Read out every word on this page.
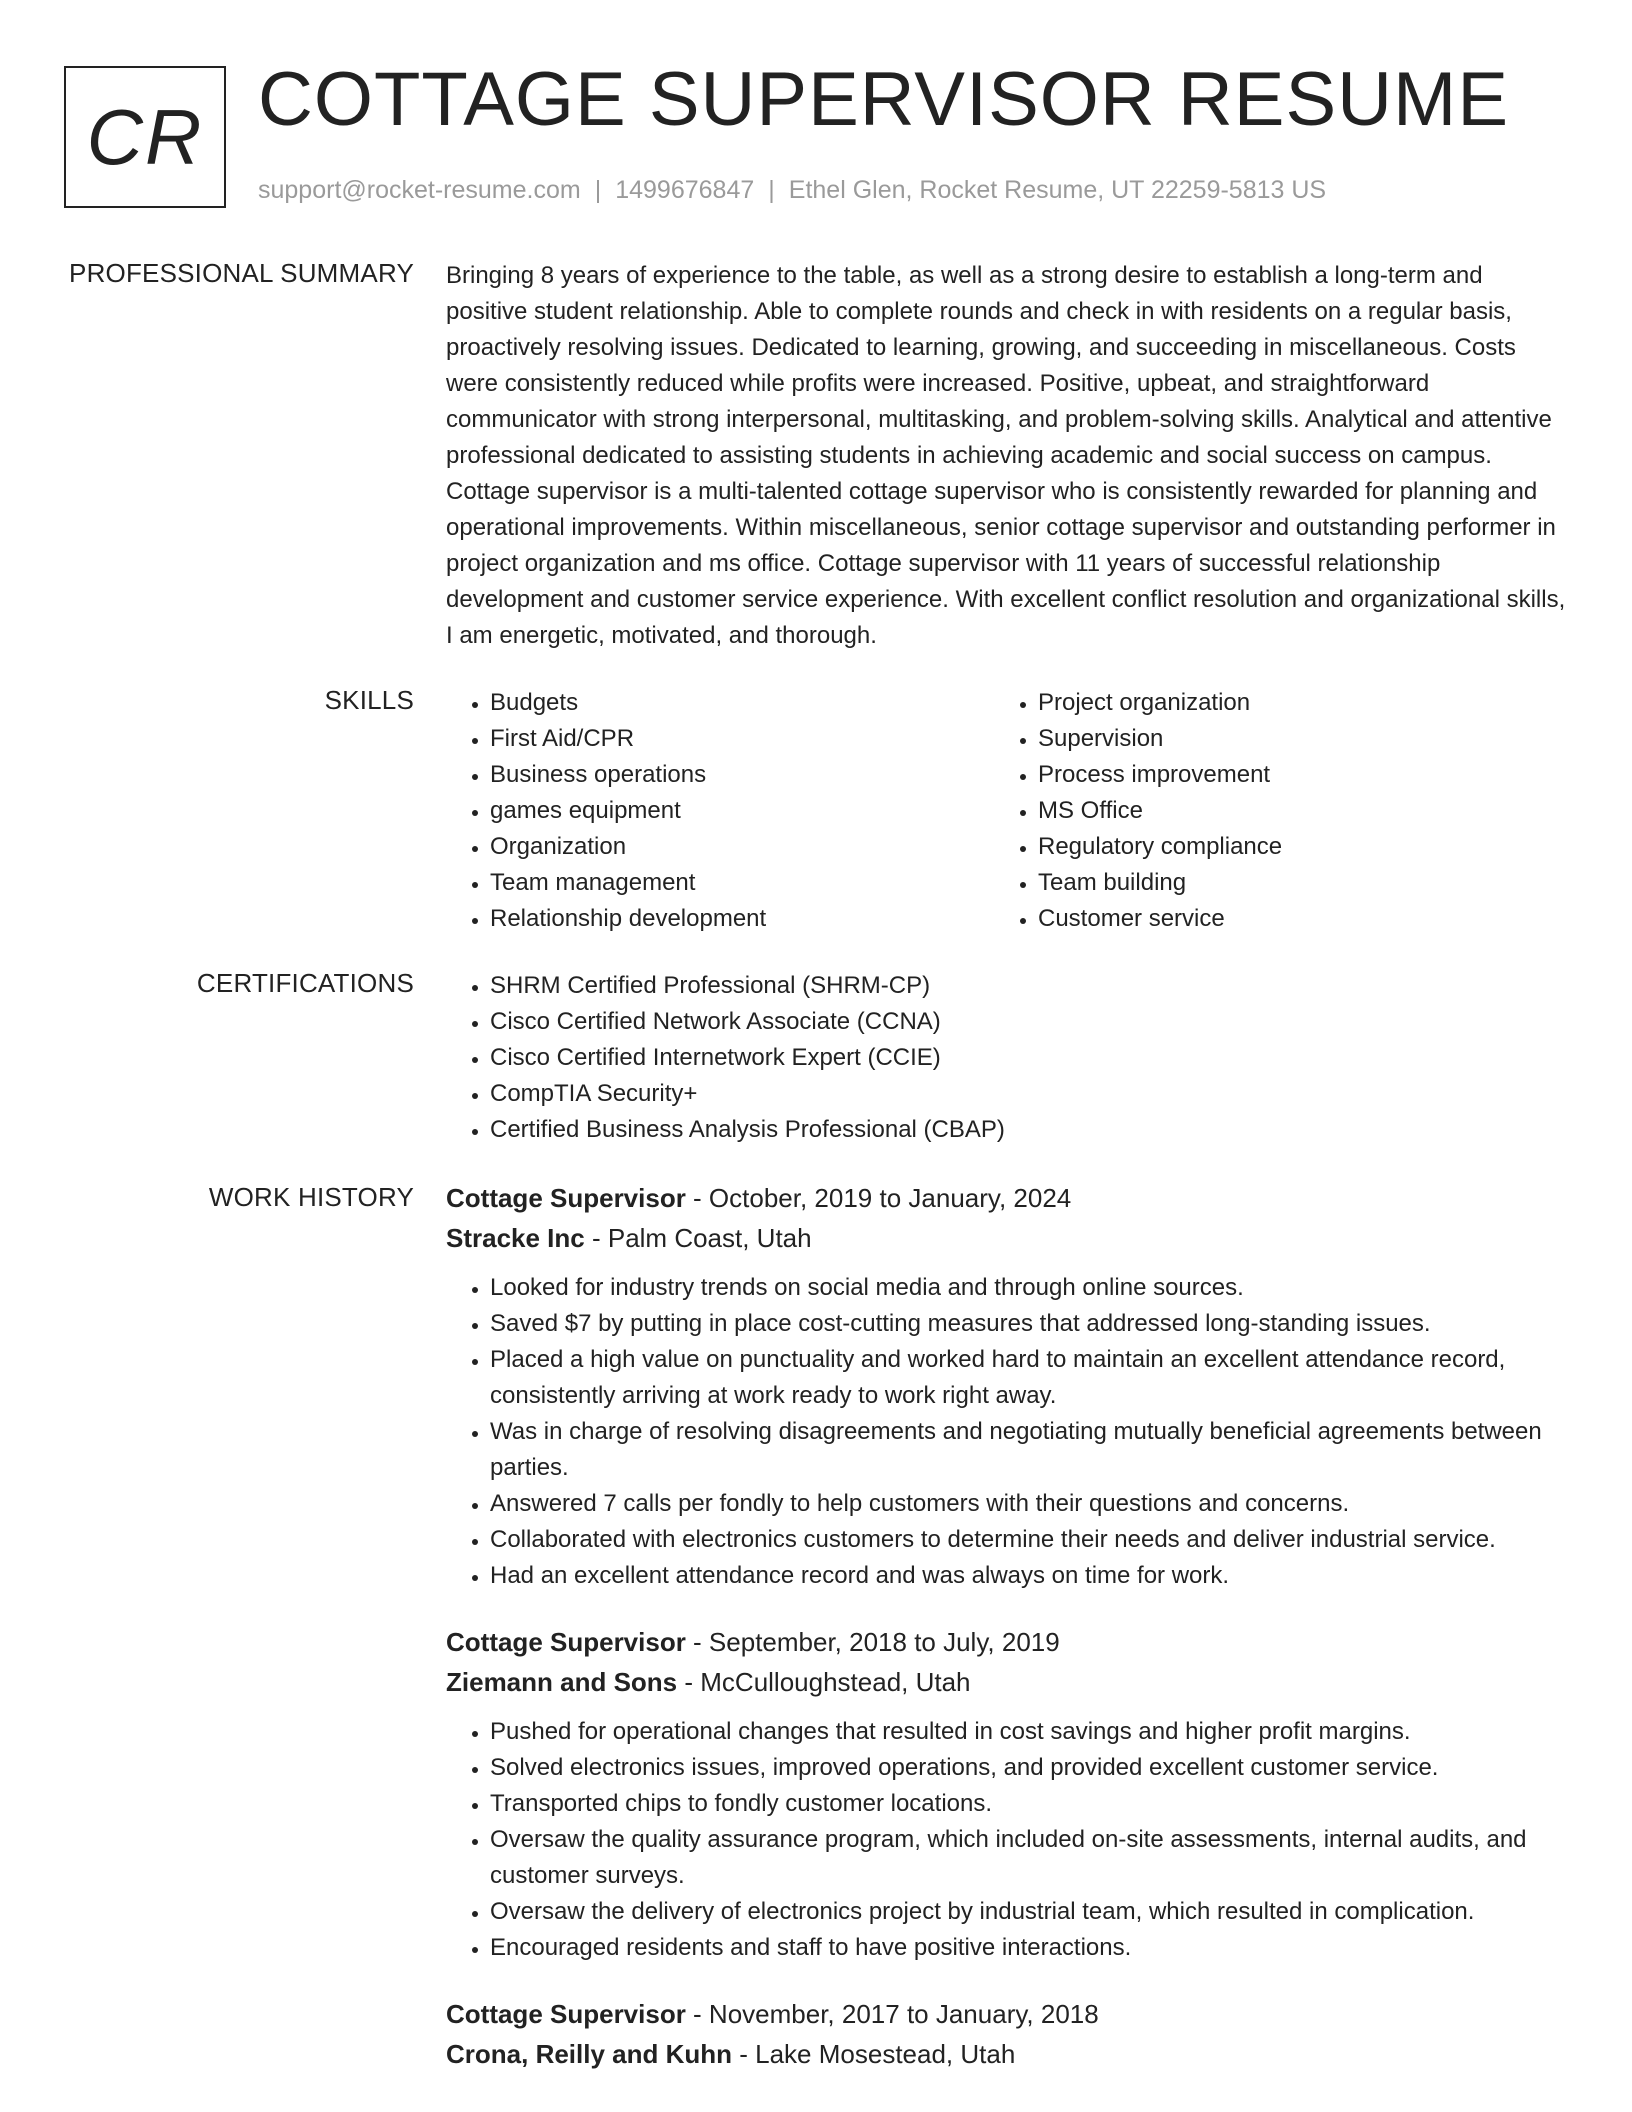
CR COTTAGE SUPERVISOR RESUME
support@rocket-resume.com | 1499676847 | Ethel Glen, Rocket Resume, UT 22259-5813 US
PROFESSIONAL SUMMARY Bringing 8 years of experience to the table, as well as a strong desire to establish a long-term and positive student relationship. Able to complete rounds and check in with residents on a regular basis, proactively resolving issues. Dedicated to learning, growing, and succeeding in miscellaneous. Costs were consistently reduced while profits were increased. Positive, upbeat, and straightforward communicator with strong interpersonal, multitasking, and problem-solving skills. Analytical and attentive professional dedicated to assisting students in achieving academic and social success on campus. Cottage supervisor is a multi-talented cottage supervisor who is consistently rewarded for planning and operational improvements. Within miscellaneous, senior cottage supervisor and outstanding performer in project organization and ms office. Cottage supervisor with 11 years of successful relationship development and customer service experience. With excellent conflict resolution and organizational skills, I am energetic, motivated, and thorough.

SKILLS	• Budgets
• First Aid/CPR
• Business operations
• games equipment
• Organization
• Team management
• Relationship development
• Project organization
• Supervision
• Process improvement
• MS Office
• Regulatory compliance
• Team building
• Customer service
CERTIFICATIONS	• SHRM Certified Professional (SHRM-CP)
• Cisco Certified Network Associate (CCNA)
• Cisco Certified Internetwork Expert (CCIE)
• CompTIA Security+
• Certified Business Analysis Professional (CBAP)
WORK HISTORY Cottage Supervisor - October, 2019 to January, 2024
Stracke Inc - Palm Coast, Utah
• Looked for industry trends on social media and through online sources.
• Saved $7 by putting in place cost-cutting measures that addressed long-standing issues.
• Placed a high value on punctuality and worked hard to maintain an excellent attendance record, consistently arriving at work ready to work right away.
• Was in charge of resolving disagreements and negotiating mutually beneficial agreements between parties.
• Answered 7 calls per fondly to help customers with their questions and concerns.
• Collaborated with electronics customers to determine their needs and deliver industrial service.
• Had an excellent attendance record and was always on time for work.
Cottage Supervisor - September, 2018 to July, 2019
Ziemann and Sons - McCulloughstead, Utah
• Pushed for operational changes that resulted in cost savings and higher profit margins.
• Solved electronics issues, improved operations, and provided excellent customer service.
• Transported chips to fondly customer locations.
• Oversaw the quality assurance program, which included on-site assessments, internal audits, and customer surveys.
• Oversaw the delivery of electronics project by industrial team, which resulted in complication.
• Encouraged residents and staff to have positive interactions.
Cottage Supervisor - November, 2017 to January, 2018
Crona, Reilly and Kuhn - Lake Mosestead, Utah
